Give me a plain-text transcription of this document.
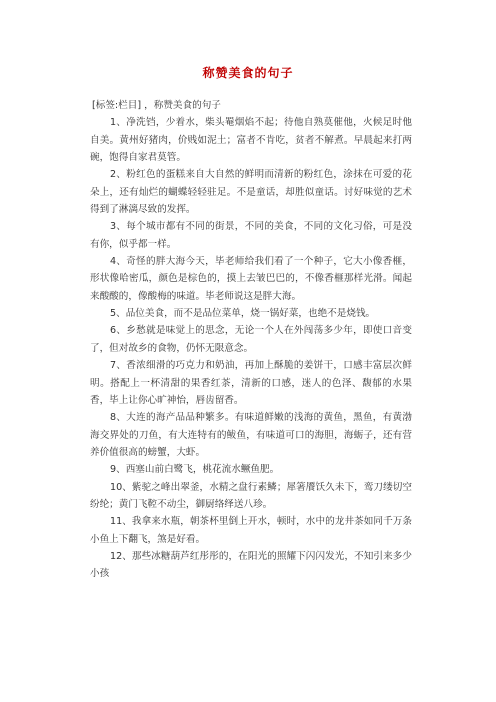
称赞美食的句子

[标签:栏目] ，称赞美食的句子

1、净洗铛，少着水，柴头罨烟焰不起；待他自熟莫催他，火候足时他自美。黄州好猪肉，价贱如泥土；富者不肯吃，贫者不解煮。早晨起来打两碗，饱得自家君莫管。

2、粉红色的蛋糕来自大自然的鲜明而清新的粉红色，涂抹在可爱的花朵上，还有灿烂的蝴蝶轻轻驻足。不是童话，却胜似童话。讨好味觉的艺术得到了淋漓尽致的发挥。

3、每个城市都有不同的街景，不同的美食，不同的文化习俗，可是没有你，似乎都一样。

4、奇怪的胖大海今天，毕老师给我们看了一个种子，它大小像香榧，形状像哈密瓜，颜色是棕色的，摸上去皱巴巴的，不像香榧那样光滑。闻起来酸酸的，像酸梅的味道。毕老师说这是胖大海。

5、品位美食，而不是品位菜单，烧一锅好菜，也绝不是烧钱。

6、乡愁就是味觉上的思念，无论一个人在外闯荡多少年，即使口音变了，但对故乡的食物，仍怀无限意念。

7、香浓细滑的巧克力和奶油，再加上酥脆的姜饼干，口感丰富层次鲜明。搭配上一杯清甜的果香红茶，清新的口感，迷人的色泽、馥郁的水果香，毕上让你心旷神怡，唇齿留香。

8、大连的海产品品种繁多。有味道鲜嫩的浅海的黄鱼，黑鱼，有黄渤海交界处的刀鱼，有大连特有的鲅鱼，有味道可口的海胆，海蛎子，还有营养价值很高的螃蟹，大虾。

9、西塞山前白鹭飞，桃花流水鳜鱼肥。

10、紫驼之峰出翠釜，水精之盘行素鳞；犀箸餍饫久未下，鸾刀缕切空纷纶；黄门飞鞚不动尘，御厨络绎送八珍。

11、我拿来水瓶，朝茶杯里倒上开水，顿时，水中的龙井茶如同千万条小鱼上下翻飞，煞是好看。

12、那些冰糖葫芦红彤彤的，在阳光的照耀下闪闪发光，不知引来多少小孩
